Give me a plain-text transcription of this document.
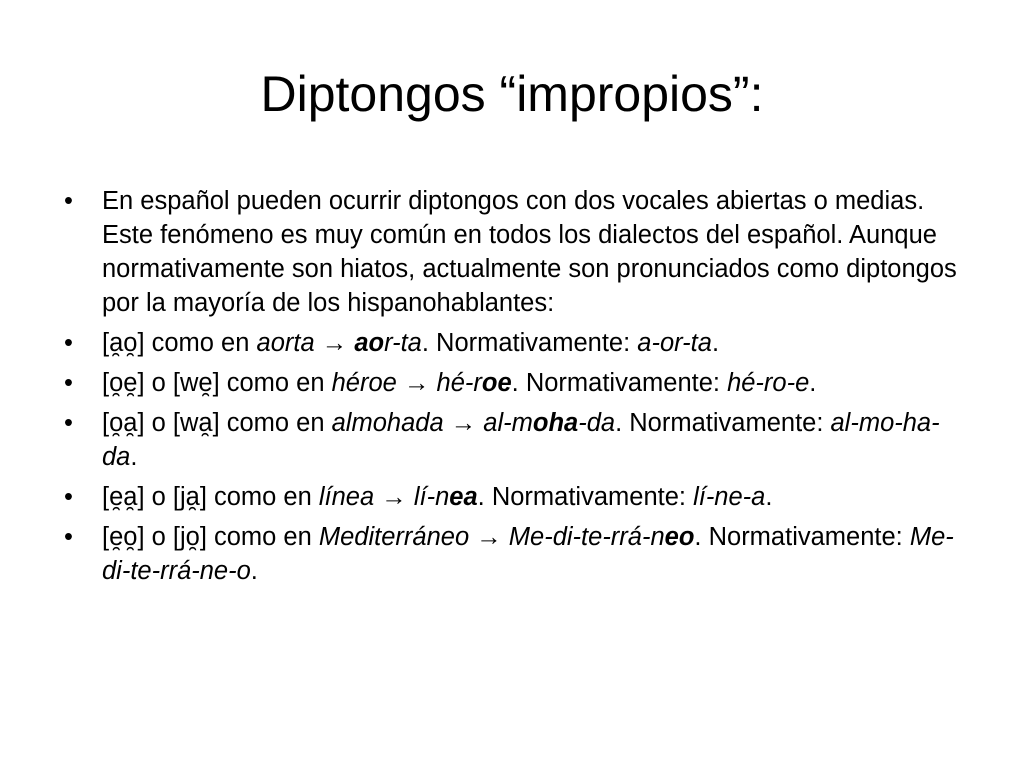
Diptongos “impropios”:
•	En español pueden ocurrir diptongos con dos vocales abiertas o medias. Este fenómeno es muy común en todos los dialectos del español. Aunque normativamente son hiatos, actualmente son pronunciados como diptongos por la mayoría de los hispanohablantes:
•	[a̯o̯] como en aorta → aor-ta. Normativamente: a-or-ta.
•	[o̯e̯] o [we̯] como en héroe → hé-roe. Normativamente: hé-ro-e.
•	[o̯a̯] o [wa̯] como en almohada → al-moha-da. Normativamente: al-mo-ha-da.
•	[e̯a̯] o [ja̯] como en línea → lí-nea. Normativamente: lí-ne-a.
•	[e̯o̯] o [jo̯] como en Mediterráneo → Me-di-te-rrá-neo. Normativamente: Me-di-te-rrá-ne-o.
